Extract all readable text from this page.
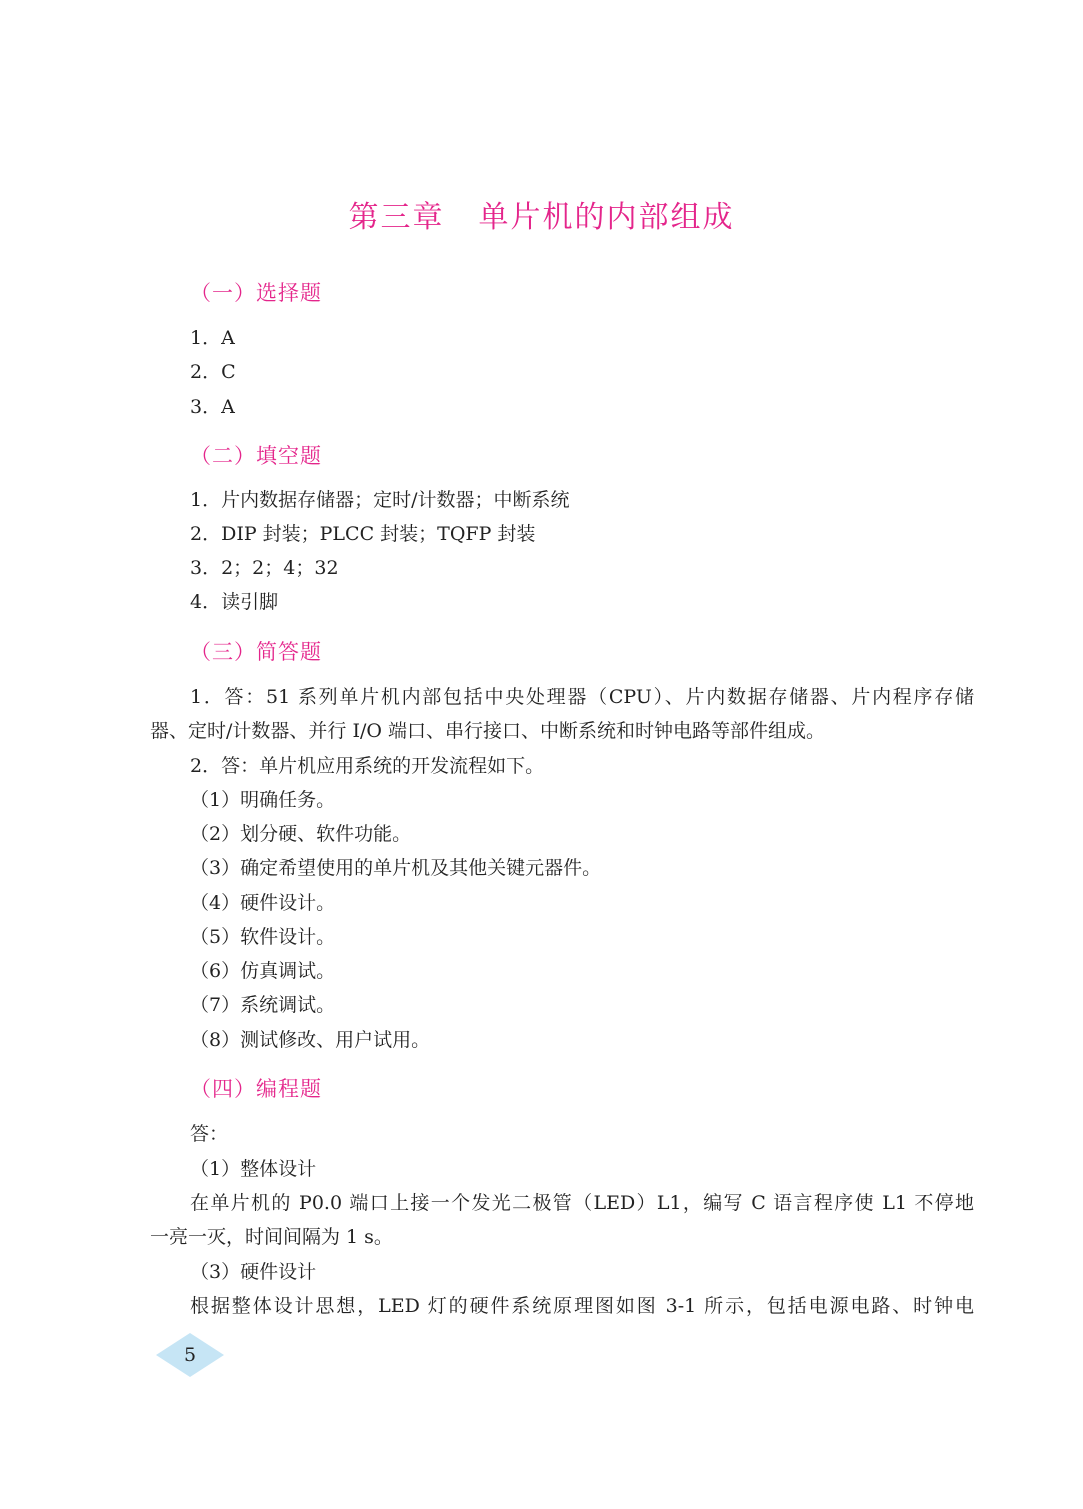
第三章 单片机的内部组成
（一）选择题
1．A
2．C
3．A
（二）填空题
1．片内数据存储器；定时/计数器；中断系统
2．DIP 封装；PLCC 封装；TQFP 封装
3．2；2；4；32
4．读引脚
（三）简答题
1．答：51 系列单片机内部包括中央处理器（CPU）、片内数据存储器、片内程序存储
器、定时/计数器、并行 I/O 端口、串行接口、中断系统和时钟电路等部件组成。
2．答：单片机应用系统的开发流程如下。
（1）明确任务。
（2）划分硬、软件功能。
（3）确定希望使用的单片机及其他关键元器件。
（4）硬件设计。
（5）软件设计。
（6）仿真调试。
（7）系统调试。
（8）测试修改、用户试用。
（四）编程题
答：
（1）整体设计
在单片机的 P0.0 端口上接一个发光二极管（LED）L1，编写 C 语言程序使 L1 不停地
一亮一灭，时间间隔为 1 s。
（3）硬件设计
根据整体设计思想，LED 灯的硬件系统原理图如图 3-1 所示，包括电源电路、时钟电
5
